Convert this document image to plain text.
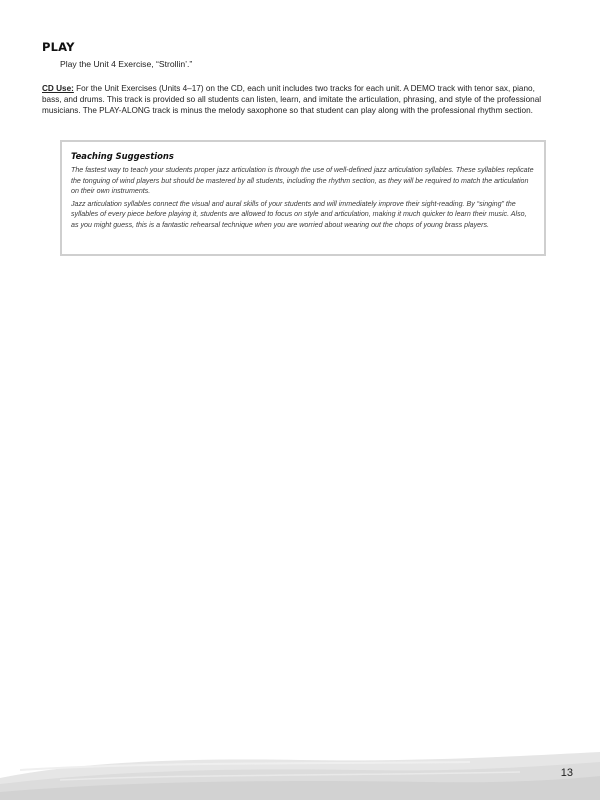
PLAY
Play the Unit 4 Exercise, “Strollin’.”
CD Use: For the Unit Exercises (Units 4–17) on the CD, each unit includes two tracks for each unit. A DEMO track with tenor sax, piano, bass, and drums. This track is provided so all students can listen, learn, and imitate the articulation, phrasing, and style of the professional musicians. The PLAY-ALONG track is minus the melody saxophone so that student can play along with the professional rhythm section.
Teaching Suggestions

The fastest way to teach your students proper jazz articulation is through the use of well-defined jazz articulation syllables. These syllables replicate the tonguing of wind players but should be mastered by all students, including the rhythm section, as they will be required to match the articulation on their own instruments.

Jazz articulation syllables connect the visual and aural skills of your students and will immediately improve their sight-reading. By “singing” the syllables of every piece before playing it, students are allowed to focus on style and articulation, making it much quicker to learn their music. Also, as you might guess, this is a fantastic rehearsal technique when you are worried about wearing out the chops of young brass players.

13
